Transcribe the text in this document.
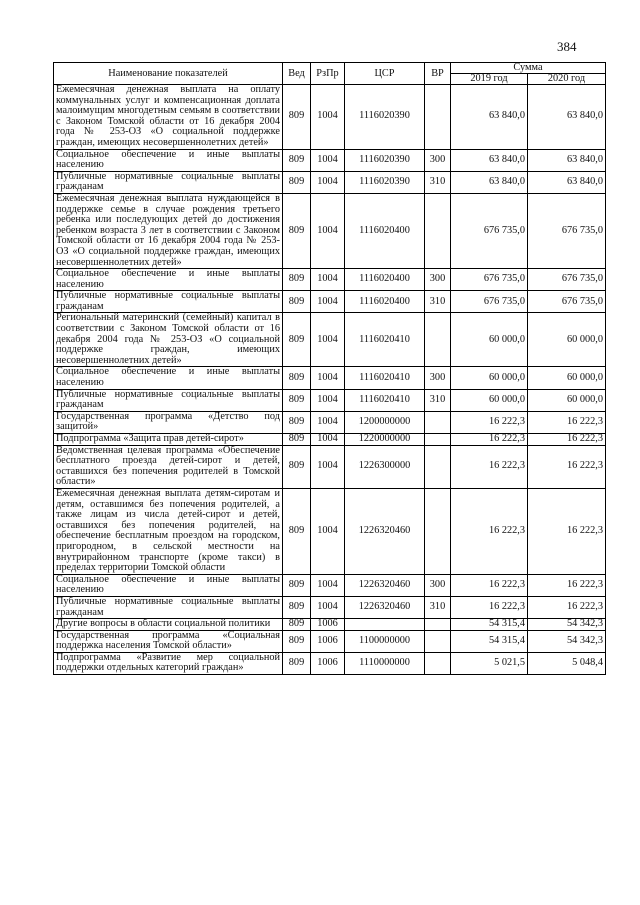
384
Наименование показателей	Вед	РзПр	ЦСР	ВР	Сумма	
					2019 год	2020 год
Ежемесячная денежная выплата на оплату коммунальных услуг и компенсационная доплата малоимущим многодетным семьям в соответствии с Законом Томской области от 16 декабря 2004 года № 253-ОЗ «О социальной поддержке граждан, имеющих несовершеннолетних детей»	809	1004	1116020390		63 840,0	63 840,0
Социальное обеспечение и иные выплаты населению	809	1004	1116020390	300	63 840,0	63 840,0
Публичные нормативные социальные выплаты гражданам	809	1004	1116020390	310	63 840,0	63 840,0
Ежемесячная денежная выплата нуждающейся в поддержке семье в случае рождения третьего ребенка или последующих детей до достижения ребенком возраста 3 лет в соответствии с Законом Томской области от 16 декабря 2004 года № 253-ОЗ «О социальной поддержке граждан, имеющих несовершеннолетних детей»	809	1004	1116020400		676 735,0	676 735,0
Социальное обеспечение и иные выплаты населению	809	1004	1116020400	300	676 735,0	676 735,0
Публичные нормативные социальные выплаты гражданам	809	1004	1116020400	310	676 735,0	676 735,0
Региональный материнский (семейный) капитал в соответствии с Законом Томской области от 16 декабря 2004 года № 253-ОЗ «О социальной поддержке граждан, имеющих несовершеннолетних детей»	809	1004	1116020410		60 000,0	60 000,0
Социальное обеспечение и иные выплаты населению	809	1004	1116020410	300	60 000,0	60 000,0
Публичные нормативные социальные выплаты гражданам	809	1004	1116020410	310	60 000,0	60 000,0
Государственная программа «Детство под защитой»	809	1004	1200000000		16 222,3	16 222,3
Подпрограмма «Защита прав детей-сирот»	809	1004	1220000000		16 222,3	16 222,3
Ведомственная целевая программа «Обеспечение бесплатного проезда детей-сирот и детей, оставшихся без попечения родителей в Томской области»	809	1004	1226300000		16 222,3	16 222,3
Ежемесячная денежная выплата детям-сиротам и детям, оставшимся без попечения родителей, а также лицам из числа детей-сирот и детей, оставшихся без попечения родителей, на обеспечение бесплатным проездом на городском, пригородном, в сельской местности на внутрирайонном транспорте (кроме такси) в пределах территории Томской области	809	1004	1226320460		16 222,3	16 222,3
Социальное обеспечение и иные выплаты населению	809	1004	1226320460	300	16 222,3	16 222,3
Публичные нормативные социальные выплаты гражданам	809	1004	1226320460	310	16 222,3	16 222,3
Другие вопросы в области социальной политики	809	1006			54 315,4	54 342,3
Государственная программа «Социальная поддержка населения Томской области»	809	1006	1100000000		54 315,4	54 342,3
Подпрограмма «Развитие мер социальной поддержки отдельных категорий граждан»	809	1006	1110000000		5 021,5	5 048,4
